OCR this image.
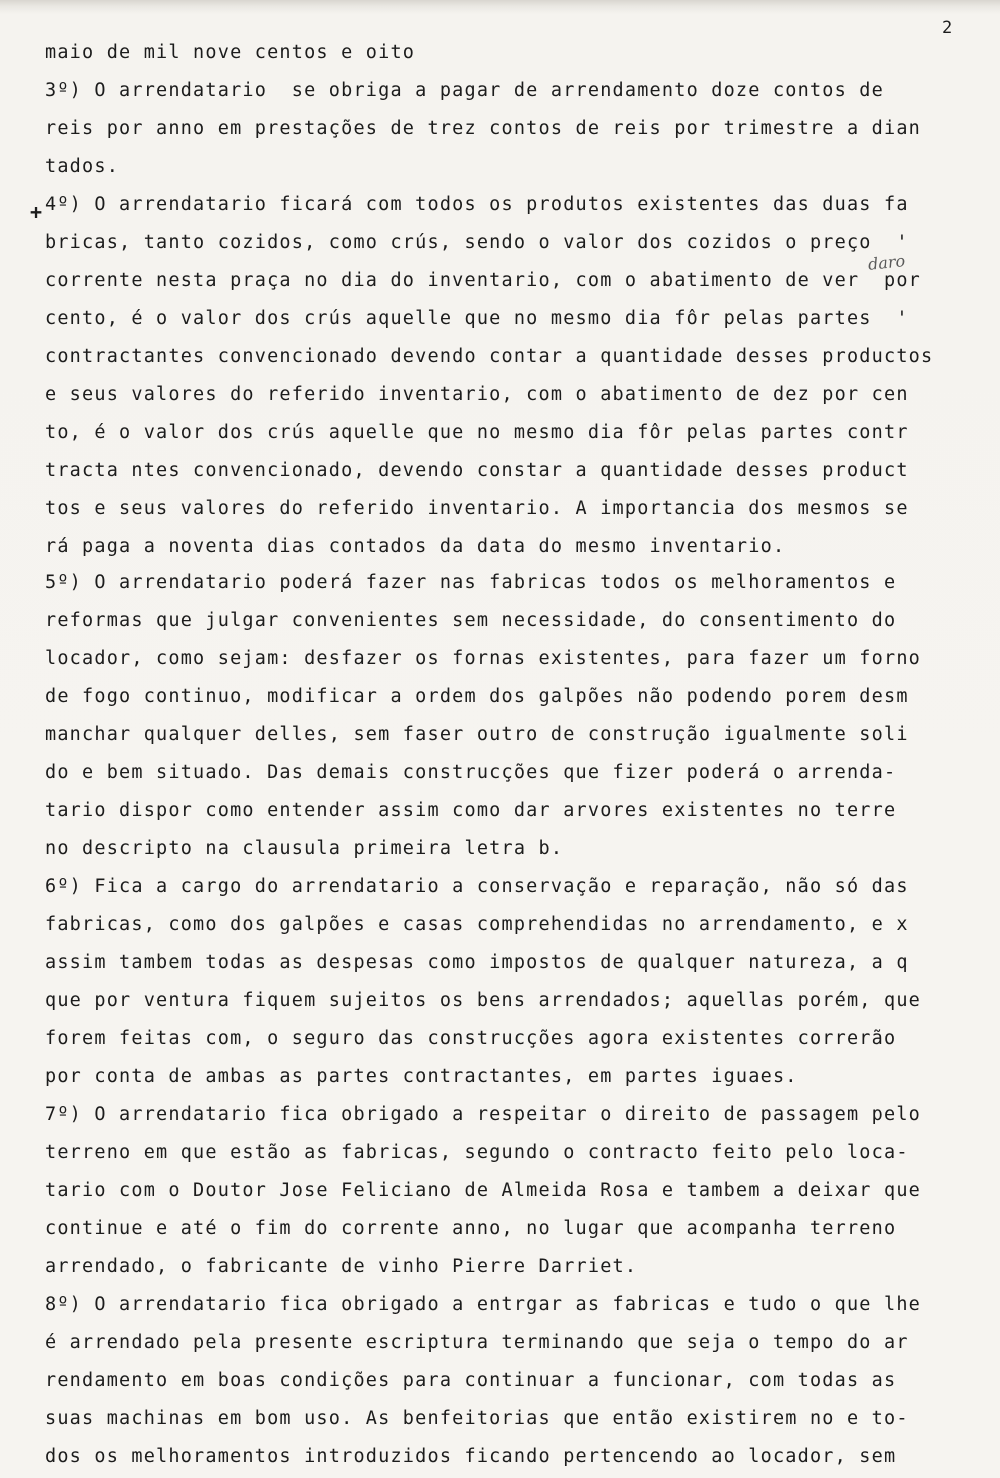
2
+
daro
maio de mil nove centos e oito
3º) O arrendatario  se obriga a pagar de arrendamento doze contos de
reis por anno em prestações de trez contos de reis por trimestre a dian
tados.
4º) O arrendatario ficará com todos os produtos existentes das duas fa
bricas, tanto cozidos, como crús, sendo o valor dos cozidos o preço  '
corrente nesta praça no dia do inventario, com o abatimento de ver  por
cento, é o valor dos crús aquelle que no mesmo dia fôr pelas partes  '
contractantes convencionado devendo contar a quantidade desses productos
e seus valores do referido inventario, com o abatimento de dez por cen
to, é o valor dos crús aquelle que no mesmo dia fôr pelas partes contr
tracta ntes convencionado, devendo constar a quantidade desses product
tos e seus valores do referido inventario. A importancia dos mesmos se
rá paga a noventa dias contados da data do mesmo inventario.
5º) O arrendatario poderá fazer nas fabricas todos os melhoramentos e
reformas que julgar convenientes sem necessidade, do consentimento do
locador, como sejam: desfazer os fornas existentes, para fazer um forno
de fogo continuo, modificar a ordem dos galpões não podendo porem desm
manchar qualquer delles, sem faser outro de construção igualmente soli
do e bem situado. Das demais construcções que fizer poderá o arrenda-
tario dispor como entender assim como dar arvores existentes no terre
no descripto na clausula primeira letra b.
6º) Fica a cargo do arrendatario a conservação e reparação, não só das
fabricas, como dos galpões e casas comprehendidas no arrendamento, e x
assim tambem todas as despesas como impostos de qualquer natureza, a q
que por ventura fiquem sujeitos os bens arrendados; aquellas porém, que
forem feitas com, o seguro das construcções agora existentes correrão
por conta de ambas as partes contractantes, em partes iguaes.
7º) O arrendatario fica obrigado a respeitar o direito de passagem pelo
terreno em que estão as fabricas, segundo o contracto feito pelo loca-
tario com o Doutor Jose Feliciano de Almeida Rosa e tambem a deixar que
continue e até o fim do corrente anno, no lugar que acompanha terreno
arrendado, o fabricante de vinho Pierre Darriet.
8º) O arrendatario fica obrigado a entrgar as fabricas e tudo o que lhe
é arrendado pela presente escriptura terminando que seja o tempo do ar
rendamento em boas condições para continuar a funcionar, com todas as
suas machinas em bom uso. As benfeitorias que então existirem no e to-
dos os melhoramentos introduzidos ficando pertencendo ao locador, sem
